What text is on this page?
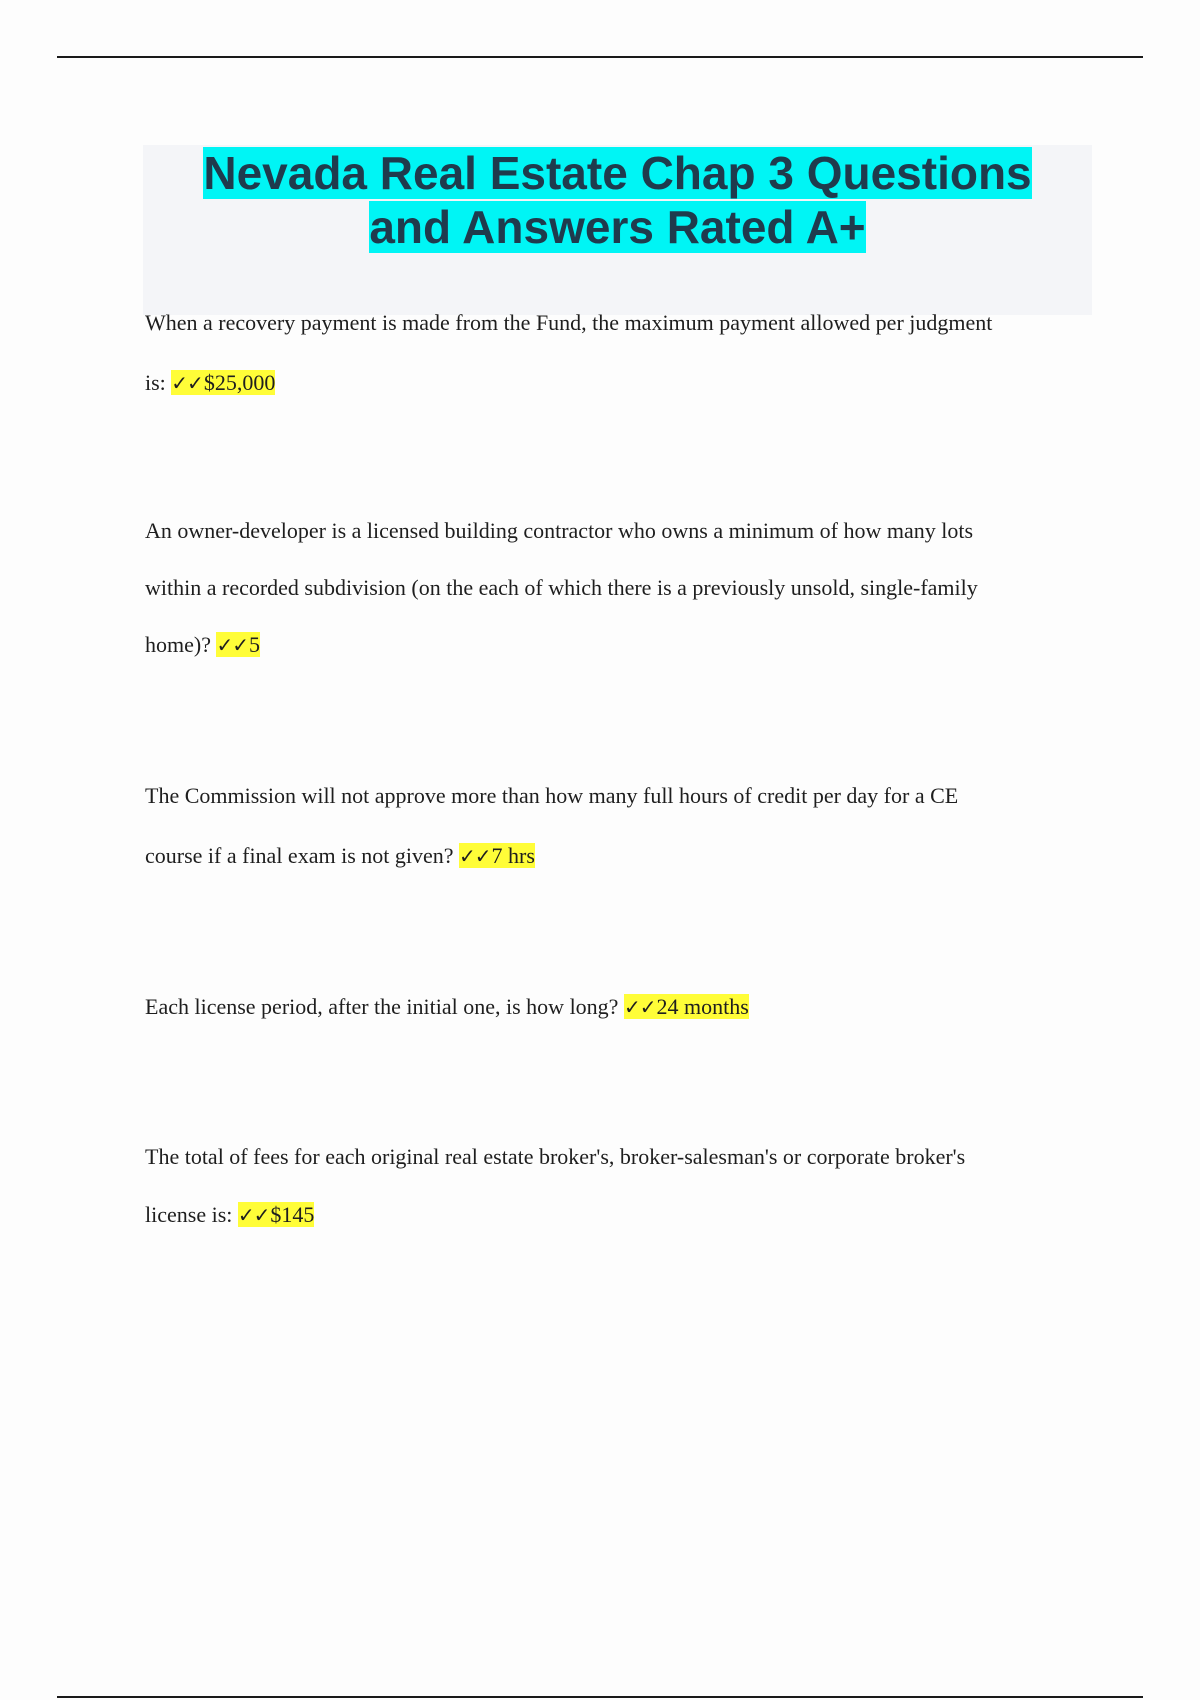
Nevada Real Estate Chap 3 Questions and Answers Rated A+
When a recovery payment is made from the Fund, the maximum payment allowed per judgment
is: ✓✓$25,000
An owner-developer is a licensed building contractor who owns a minimum of how many lots
within a recorded subdivision (on the each of which there is a previously unsold, single-family
home)? ✓✓5
The Commission will not approve more than how many full hours of credit per day for a CE
course if a final exam is not given? ✓✓7 hrs
Each license period, after the initial one, is how long? ✓✓24 months
The total of fees for each original real estate broker's, broker-salesman's or corporate broker's
license is: ✓✓$145
